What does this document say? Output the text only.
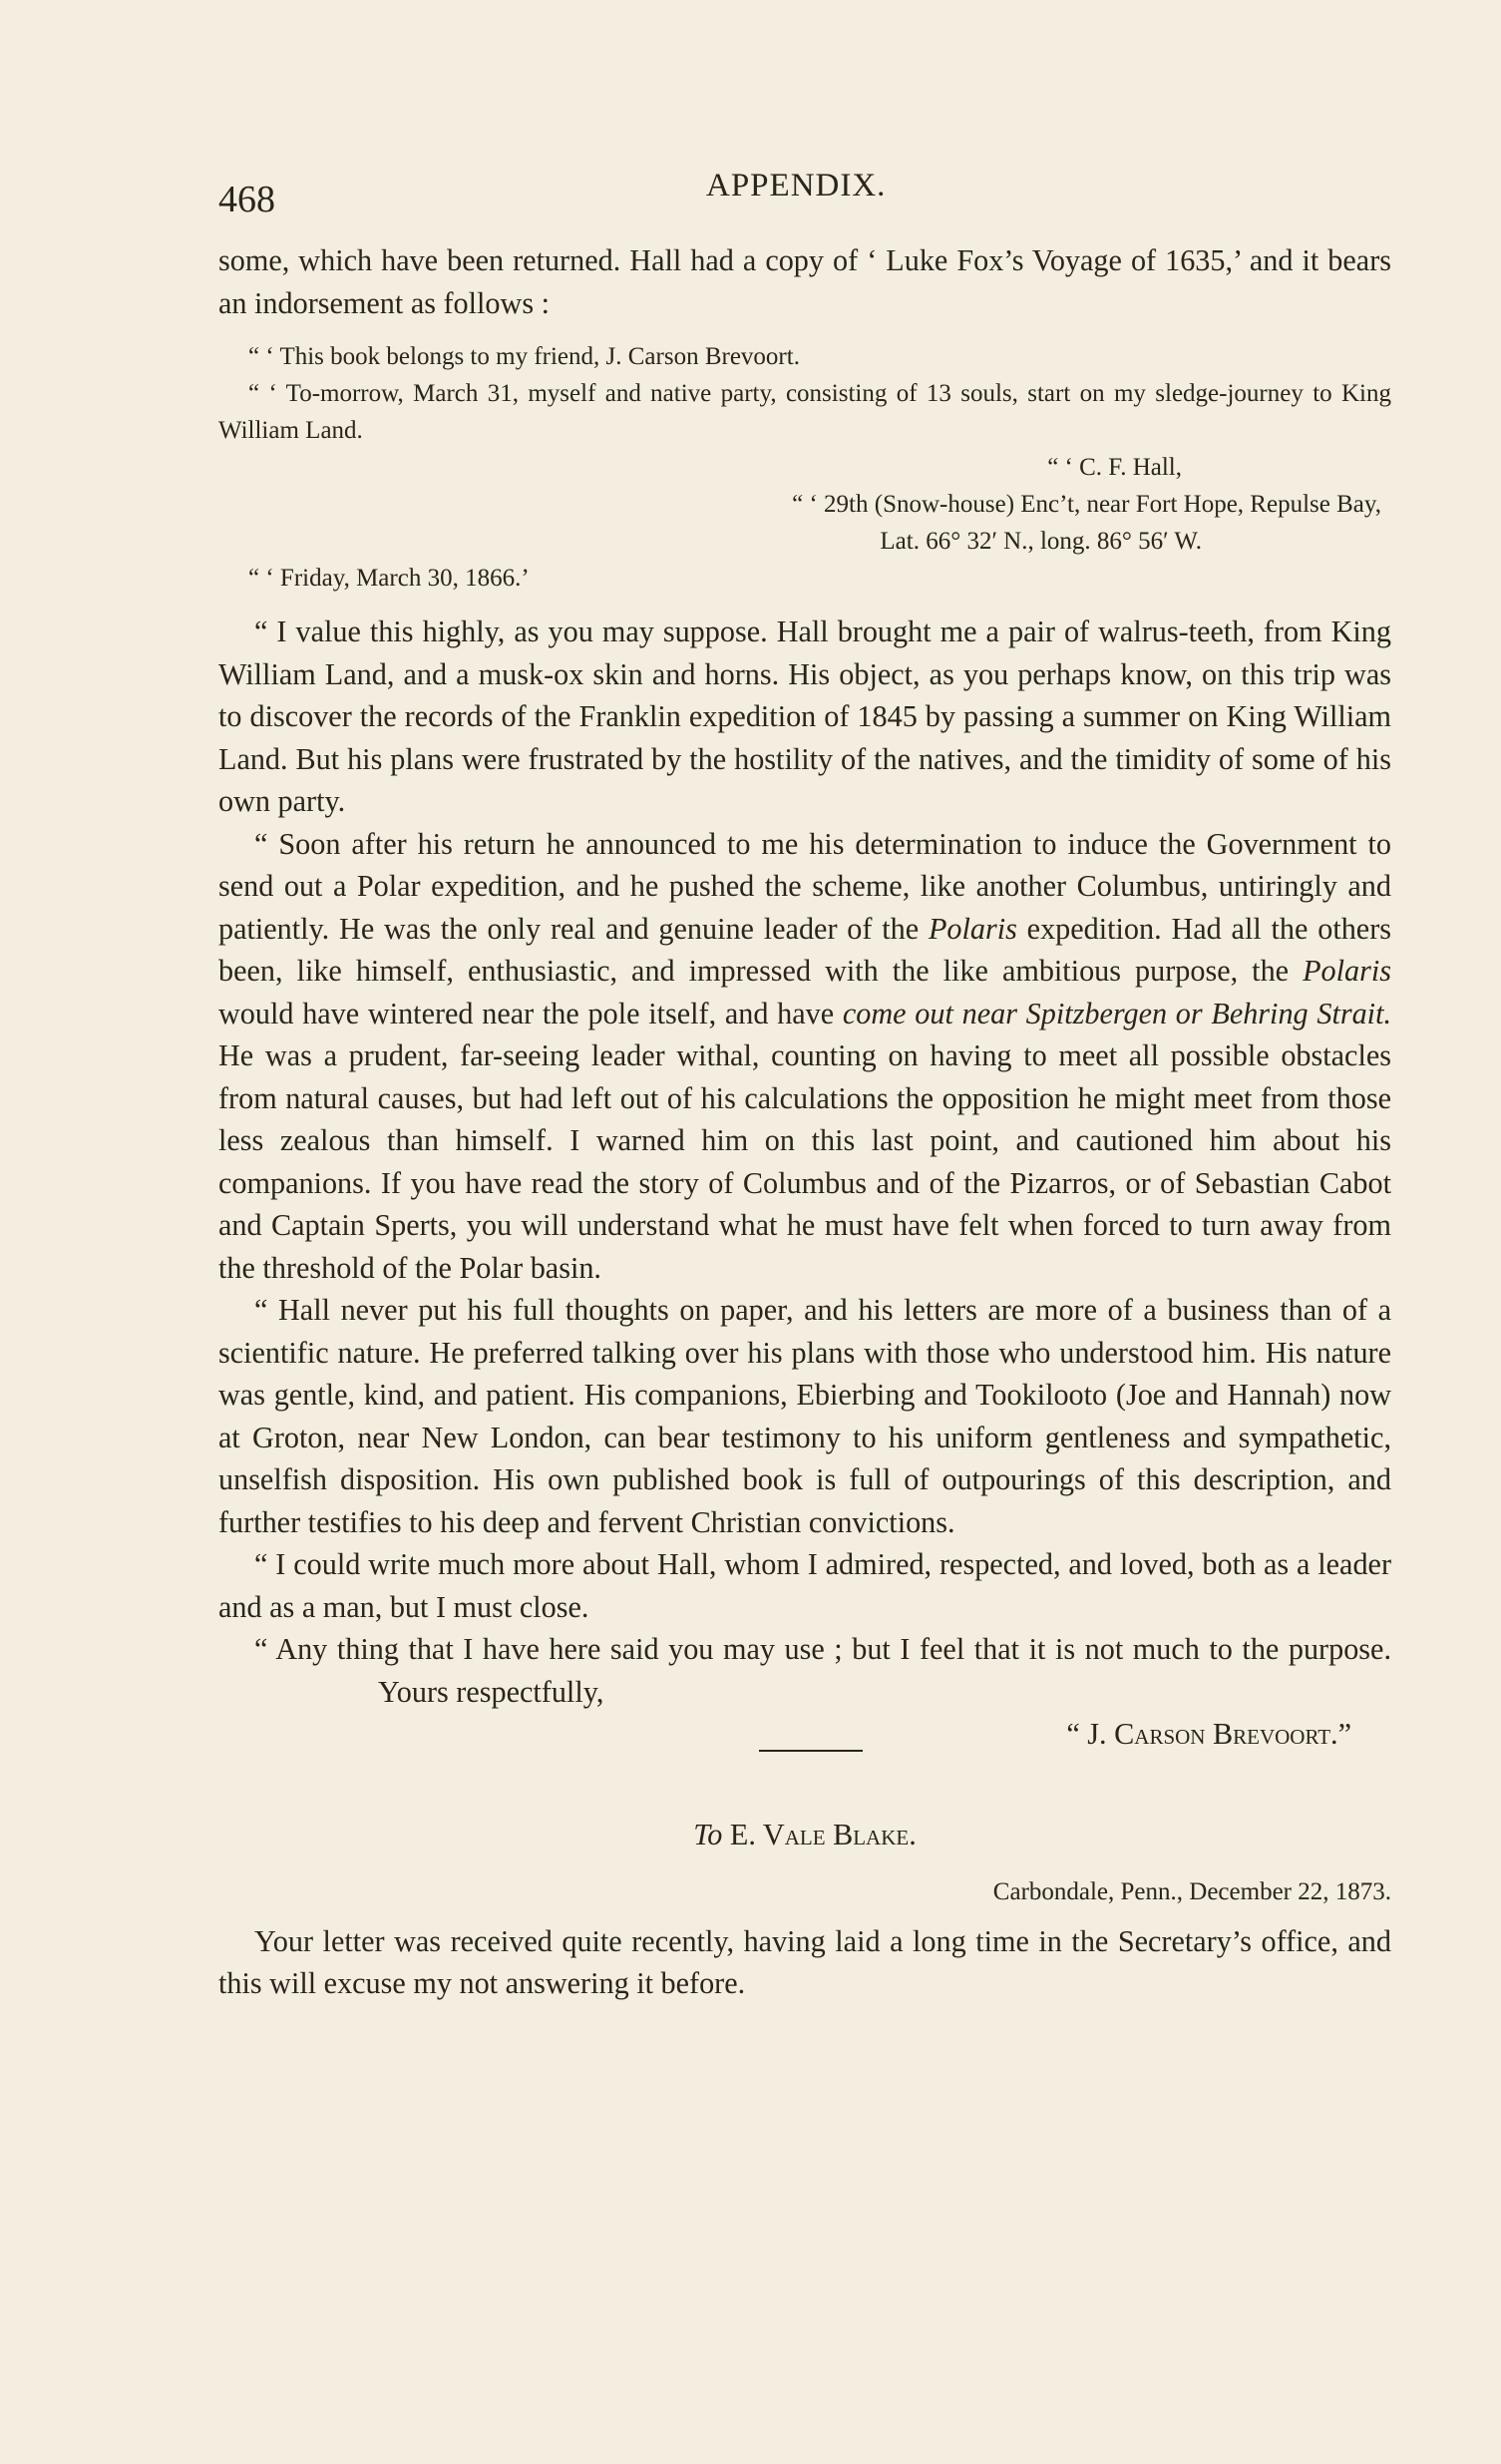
468	APPENDIX.

some, which have been returned. Hall had a copy of ‘ Luke Fox’s Voyage of 1635,’ and it bears an indorsement as follows :

“ ‘ This book belongs to my friend, J. Carson Brevoort.

“ ‘ To-morrow, March 31, myself and native party, consisting of 13 souls, start on my sledge-journey to King William Land.

“ ‘ C. F. Hall,

“ ‘ 29th (Snow-house) Enc’t, near Fort Hope, Repulse Bay,

Lat. 66° 32′ N., long. 86° 56′ W.

“ ‘ Friday, March 30, 1866.’

“ I value this highly, as you may suppose. Hall brought me a pair of walrus-teeth, from King William Land, and a musk-ox skin and horns. His object, as you perhaps know, on this trip was to discover the records of the Franklin expedition of 1845 by passing a summer on King William Land. But his plans were frustrated by the hostility of the natives, and the timidity of some of his own party.

“ Soon after his return he announced to me his determination to induce the Government to send out a Polar expedition, and he pushed the scheme, like another Columbus, untiringly and patiently. He was the only real and genuine leader of the Polaris expedition. Had all the others been, like himself, enthusiastic, and impressed with the like ambitious purpose, the Polaris would have wintered near the pole itself, and have come out near Spitzbergen or Behring Strait. He was a prudent, far-seeing leader withal, counting on having to meet all possible obstacles from natural causes, but had left out of his calculations the opposition he might meet from those less zealous than himself. I warned him on this last point, and cautioned him about his companions. If you have read the story of Columbus and of the Pizarros, or of Sebastian Cabot and Captain Sperts, you will understand what he must have felt when forced to turn away from the threshold of the Polar basin.

“ Hall never put his full thoughts on paper, and his letters are more of a business than of a scientific nature. He preferred talking over his plans with those who understood him. His nature was gentle, kind, and patient. His companions, Ebierbing and Tookilooto (Joe and Hannah) now at Groton, near New London, can bear testimony to his uniform gentleness and sympathetic, unselfish disposition. His own published book is full of outpourings of this description, and further testifies to his deep and fervent Christian convictions.

“ I could write much more about Hall, whom I admired, respected, and loved, both as a leader and as a man, but I must close.

“ Any thing that I have here said you may use ; but I feel that it is not much to the purpose.Yours respectfully,

“ J. Carson Brevoort.”

To E. Vale Blake.

Carbondale, Penn., December 22, 1873.

Your letter was received quite recently, having laid a long time in the Secretary’s office, and this will excuse my not answering it before.
